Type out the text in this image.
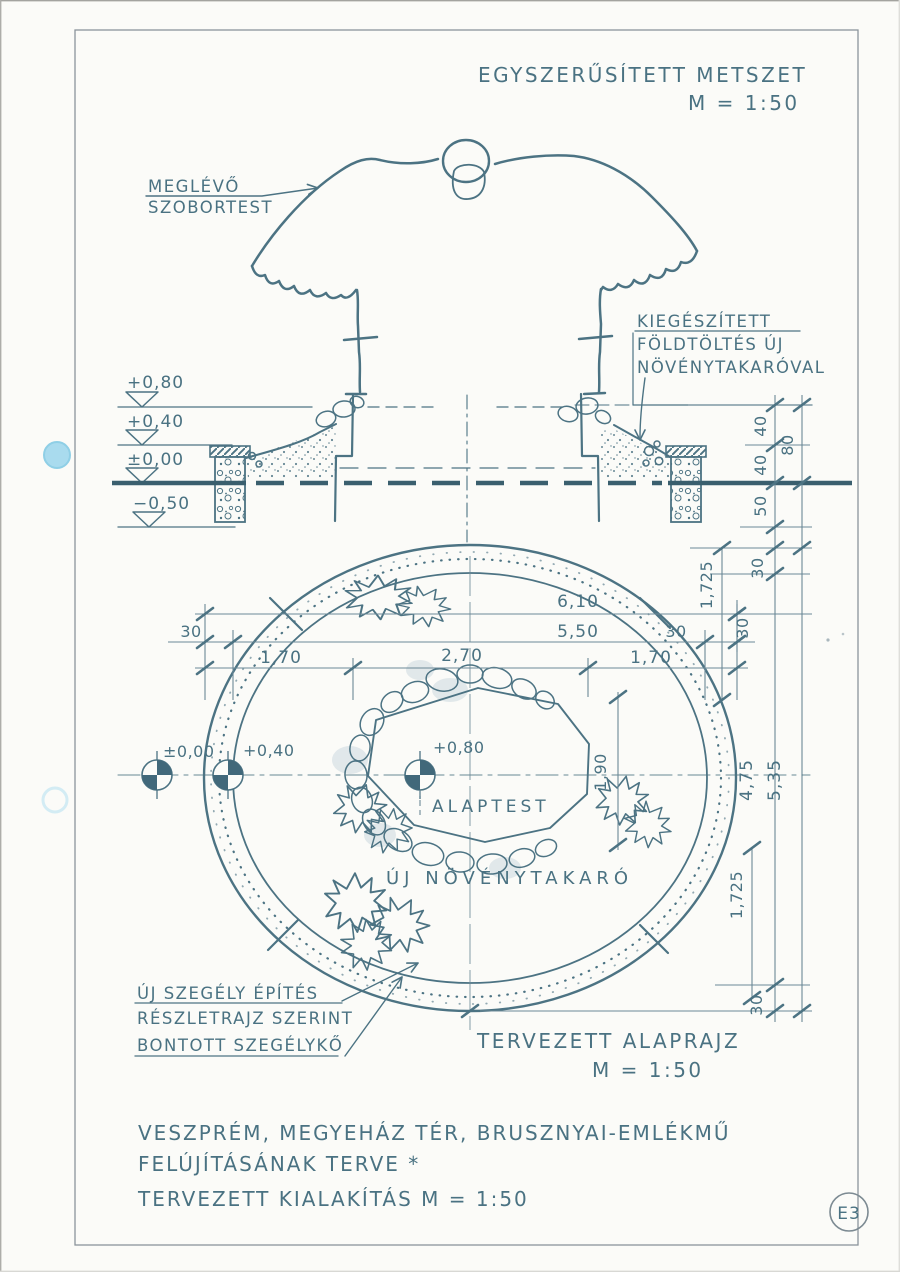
EGYSZERŰSÍTETT METSZET
M = 1:50
MEGLÉVŐ
SZOBORTEST
KIEGÉSZÍTETT
FÖLDTÖLTÉS ÚJ
NÖVÉNYTAKARÓVAL
+0,80
+0,40
±0,00
−0,50
40
40
80
50
±0,00 +0,40	+0,80
ALAPTEST
ÚJ NÖVÉNYTAKARÓ
6,10
30	5,50	30
1,70	2,70	1,70
30
30
1,725
1,725
1,90	4,75 5,35
30
ÚJ SZEGÉLY ÉPÍTÉS
RÉSZLETRAJZ SZERINT
BONTOTT SZEGÉLYKŐ	TERVEZETT ALAPRAJZ
M = 1:50
VESZPRÉM, MEGYEHÁZ TÉR, BRUSZNYAI-EMLÉKMŰ
FELÚJÍTÁSÁNAK TERVE *
TERVEZETT KIALAKÍTÁS M = 1:50
E3
